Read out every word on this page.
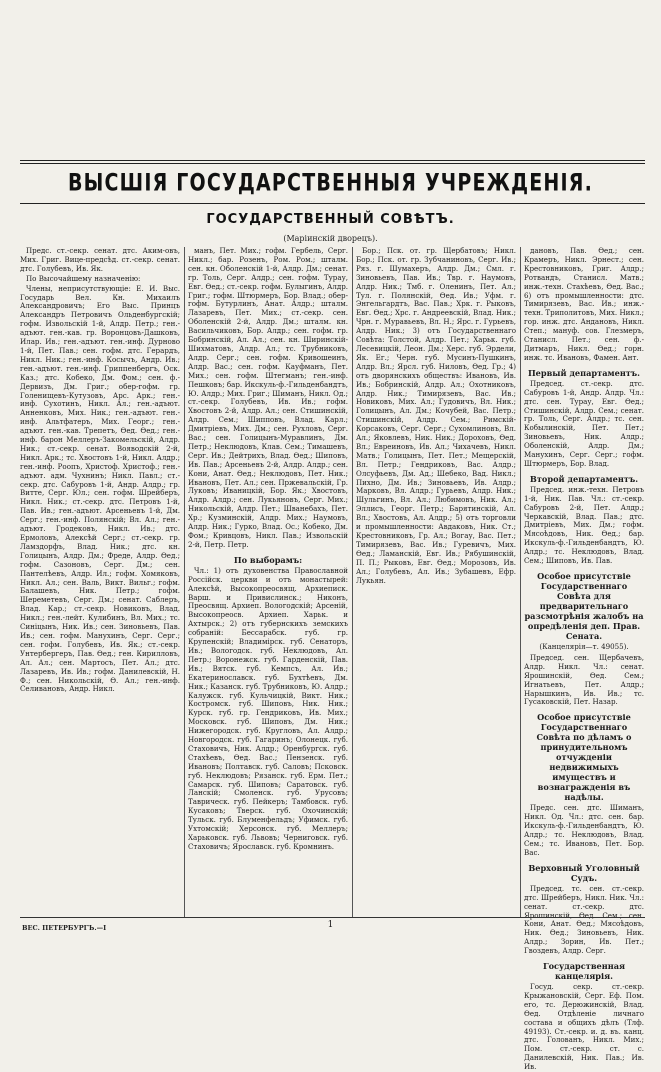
ВЫСШІЯ ГОСУДАРСТВЕННЫЯ УЧРЕЖДЕНІЯ.
ГОСУДАРСТВЕННЫЙ СОВѢТЪ.
(Маріинскій дворецъ).
Предс. ст.-секр. сенат. дтс. Аким-овъ, Мих. Григ. Вице-предсѣд. ст.-секр. сенат. дтс. Голубевъ, Ив. Як.
По Высочайшему назначенію:
Члены, неприсутствующіе: Е. И. Выс. Государь Вел. Кн. Михаилъ Александровичъ; Его Выс. Принцъ Александръ Петровичъ Ольденбургскій; гофм. Извольскій 1-й, Алдр. Петр.; ген.-адъют. ген.-кав. гр. Воронцовъ-Дашковъ, Илар. Ив.; ген.-адъют. ген.-инф. Дурново 1-й, Пет. Пав.; сен. гофм. дтс. Герардъ, Никл. Ник.; ген.-инф. Косычъ, Андр. Ив.; ген.-адъют. ген.-инф. Гриппенбергъ, Оск. Каз.; дтс. Кобеко, Дм. Фом.; сен. ф.-Дервизъ, Дм. Григ.; обер-гофм. гр. Голенищевъ-Кутузовъ, Арс. Арк.; ген.-инф. Сухотинъ, Никл. Ал.; ген.-адъют. Анненковъ, Мих. Ник.; ген.-адъют. ген.-инф. Альтфатеръ, Мих. Георг.; ген.-адъют. ген.-кав. Трепетъ, Ѳед. Ѳед.; ген.-инф. барон Меллеръ-Закомельскій, Алдр. Ник.; ст.-секр. сенат. Вояводскій 2-й, Никл. Арк.; тс. Хвостовъ 1-й, Никл. Алдр.; ген.-инф. Роопъ, Христоф. Христоф.; ген.-адъют. адм. Чухнинъ; Никл. Павл.; ст.-секр. дтс. Сабуровъ 1-й, Андр. Алдр.; гр. Витте, Серг. Юл.; сен. гофм. Шрейберъ, Никл. Ник.; ст.-секр. дтс. Петровъ 1-й, Пав. Ив.; ген.-адъют. Арсеньевъ 1-й, Дм. Серг.; ген.-инф. Полянскій; Вл. Ал.; ген.-адъют. Гродековъ, Никл. Ив.; дтс. Ермоловъ, Алексѣй Серг.; ст.-секр. гр. Ламздорфъ, Влад. Ник.; дтс. кн. Голицынъ, Алдр. Дм.; Фреде, Алдр. Ѳед.; гофм. Сазоновъ, Серг. Дм.; сен. Пантелѣевъ, Алдр. Ил.; гофм. Хомяковъ, Никл. Ал.; сен. Валь, Викт. Вильг.; гофм. Балашевъ, Ник. Петр.; гофм. Шереметевъ, Серг. Дм.; сенат. Саблеръ, Влад. Кар.; ст.-секр. Новиковъ, Влад. Никл.; ген.-лейт. Кулибинъ, Вл. Мих.; тс. Синіцынъ, Ник. Ив.; сен. Зиновьевъ, Пав. Ив.; сен. гофм. Манухинъ, Серг. Серг.; сен. гофм. Голубевъ, Ив. Як.; ст.-секр. Унтербергеръ, Пав. Ѳед.; ген. Кирилловъ, Ал. Ал.; сен. Мартосъ, Пет. Ал.; дтс. Лазаревъ, Ив. Ив.; гофм. Данилевскій, Н. Ф.; сен. Никольскій, Ѳ. Ал.; ген.-инф. Селивановъ, Андр. Никл.
манъ, Пет. Мих.; гофм. Гербель, Серг. Никл.; бар. Розенъ, Ром. Ром.; шталм. сен. кн. Оболенскій 1-й, Алдр. Дм.; сенат. гр. Толь, Серг. Алдр.; сен. гофм. Турау, Евг. Ѳед.; ст.-секр. гофм. Булыгинъ, Алдр. Григ.; гофм. Штюрмеръ, Бор. Влад.; обер-гофм. Бутурлинъ, Анат. Алдр.; шталм. Лазаревъ, Пет. Мих.; ст.-секр. сен. Оболенскій 2-й, Алдр. Дм.; шталм. кн. Васильчиковъ, Бор. Алдр.; сен. гофм. гр. Бобринскій, Ал. Ал.; сен. кн. Ширинскій-Шихматовъ, Алдр. Ал.; тс. Трубниковъ, Алдр. Серг.; сен. гофм. Кривошеинъ, Алдр. Вас.; сен. гофм. Кауфманъ, Пет. Мих.; сен. гофм. Штегманъ; ген.-инф. Пешковъ; бар. Икскуль-ф.-Гильденбандтъ, Ю. Алдр.; Мих. Григ.; Шиманъ, Никл. Од.; ст.-секр. Голубевъ, Ив. Ив.; гофм. Хвостовъ 2-й, Алдр. Ал.; сен. Стишинскій, Алдр. Сем.; Шипповъ, Влад. Карл.; Дмитріевъ, Мих. Дм.; сен. Рухловъ, Серг. Вас.; сен. Голицынъ-Муравлинъ, Дм. Петр.; Неклюдовъ, Клав. Сем.; Тимашевъ, Серг. Ив.; Дейтрихъ, Влад. Ѳед.; Шиповъ, Ив. Пав.; Арсеньевъ 2-й, Алдр. Алдр.; сен. Кони, Анат. Ѳед.; Неклюдовъ, Пет. Ник.; Ивановъ, Пет. Ал.; сен. Пржевальскій, Гр. Луковъ; Иваницкій, Бор. Як.; Хвостовъ, Алдр. Алдр.; сен. Лукьяновъ, Серг. Мих.; Никольскій, Алдр. Пет.; Шванебахъ, Пет. Хр.; Кузминскій, Алдр. Мих.; Наумовъ, Алдр. Ник.; Гурко, Влад. Ос.; Кобеко, Дм. Фом.; Кривцовъ, Никл. Пав.; Извольскій 2-й, Петр. Петр.
По выборамъ:
Чл.: 1) отъ духовенства Православной Россійск. церкви и отъ монастырей: Алексѣй, Высокопреосвящ. Архиеписк. Варш. и Привислинск.; Никонъ, Преосвящ. Архиеп. Вологодскій; Арсеній, Высокопреосв. Архиеп. Харьк. и Ахтырск.; 2) отъ губернскихъ земскихъ собраній: Бессарабск. губ. гр. Крупенскій; Владимірск. губ. Сенаторъ, Ив.; Вологодск. губ. Неклюдовъ, Ал. Петр.; Воронежск. губ. Гарденскій, Пав. Ив.; Вятск. губ. Кемпсъ, Ал. Ив.; Екатеринославск. губ. Бухтѣевъ, Дм. Ник.; Казанск. губ. Трубниковъ, Ю. Алдр.; Калужск. губ. Кульчицкій, Викт. Ник.; Костромск. губ. Шиповъ, Ник. Ник.; Курск. губ. гр. Гендриковъ, Ив. Мих.; Московск. губ. Шиповъ, Дм. Ник.; Нижегородск. губ. Кругловъ, Ал. Алдр.; Новгородск. губ. Гагаринъ; Олонецк. губ. Стаховичъ, Ник. Алдр.; Оренбургск. губ. Стахѣевъ, Ѳед. Вас.; Пензенск. губ. Ивановъ; Полтавск. губ. Саловъ; Псковск. губ. Неклюдовъ; Рязанск. губ. Ерм. Пет.; Самарск. губ. Шиповъ; Саратовск. губ. Ланскій; Смоленск. губ. Урусовъ; Таврическ. губ. Пейкеръ; Тамбовск. губ. Кусаковъ; Тверск. губ. Охочинскій; Тульск. губ. Блуменфельдъ; Уфимск. губ. Ухтомскій; Херсонск. губ. Меллеръ; Харьковск. губ. Львовъ; Черниговск. губ. Стаховичъ; Ярославск. губ. Кромнинъ.
Бор.; Пск. от. гр. Щербатовъ; Никл. Бор.; Пск. от. гр. Зубчаниновъ, Серг. Ив.; Ряз. г. Шумахеръ, Алдр. Дм.; Смл. г. Зиновьевъ, Пав. Ив.; Твр. г. Наумовъ, Алдр. Ник.; Тмб. г. Оленинъ, Пет. Ал.; Тул. г. Полянскій, Ѳед. Ив.; Уфм. г. Энгельгардтъ, Вас. Пав.; Хрк. г. Рыковъ, Евг. Ѳед.; Хрс. г. Андреевскій, Влад. Ник.; Чрн. г. Муравьевъ, Вл. Н.; Ярс. г. Гурьевъ, Алдр. Ник.; 3) отъ Государственнаго Совѣта: Толстой, Алдр. Пет.; Харьк. губ. Лесевицкій, Леон. Дм.; Херс. губ. Эрдели, Як. Ег.; Черн. губ. Мусинъ-Пушкинъ, Алдр. Вл.; Ярсл. губ. Ниловъ, Ѳед. Гр.; 4) отъ дворянскихъ обществъ: Ивановъ, Ив. Ив.; Бобринскій, Алдр. Ал.; Охотниковъ, Алдр. Ник.; Тимирязевъ, Вас. Ив.; Новиковъ, Мих. Ал.; Гудовичъ, Вл. Ник.; Голицынъ, Ал. Дм.; Кочубей, Вас. Петр.; Стишинскій, Алдр. Сем.; Римскій-Корсаковъ, Серг. Серг.; Сухомлиновъ, Вл. Ал.; Яковлевъ, Ник. Ник.; Дороховъ, Ѳед. Вл.; Евреиновъ, Ив. Ал.; Чихачевъ, Никл. Матв.; Голицынъ, Пет. Пет.; Мещерскій, Вл. Петр.; Гендриковъ, Вас. Алдр.; Олсуфьевъ, Дм. Ад.; Шебеко, Вад. Никл.; Пихно, Дм. Ив.; Зиновьевъ, Ив. Алдр.; Марковъ, Вл. Алдр.; Гурьевъ, Алдр. Ник.; Шульгинъ, Вл. Ал.; Любимовъ, Ник. Ал.; Эллисъ, Георг. Петр.; Барятинскій, Ал. Вл.; Хвостовъ, Ал. Алдр.; 5) отъ торговли и промышленности: Авдаковъ, Ник. Ст.; Крестовниковъ, Гр. Ал.; Вогау, Вас. Пет.; Тимирязевъ, Вас. Ив.; Гуревичъ, Мих. Ѳед.; Ламанскій, Евг. Ив.; Рябушинскій, П. П.; Рыковъ, Евг. Ѳед.; Морозовъ, Ив. Ал.; Голубевъ, Ал. Ив.; Зубашевъ, Ефр. Лукьян.
дановъ, Пав. Ѳед.; сен. Крамеръ, Никл. Эрнест.; сен. Крестовниковъ, Григ. Алдр.; Ротвандъ, Станисл. Матв.; инж.-техн. Стахѣевъ, Ѳед. Вас.; 6) отъ промышленности: дтс. Тимирязевъ, Вас. Ив.; инж.-техн. Триполитовъ, Мих. Никл.; гор. инж. дтс. Андановъ, Никл. Степ.; мануф. сов. Глезмеръ, Станисл. Пет.; сен. ф.-Дитмаръ, Никл. Ѳед.; горн. инж. тс. Ивановъ, Фамен. Ант.
Первый департаментъ.
Председ. ст.-секр. дтс. Сабуровъ 1-й, Андр. Алдр. Чл.: дтс. сен. Турау, Евг. Ѳед.; Стишинскій, Алдр. Сем.; сенат. гр. Толь, Серг. Алдр.; тс. сен. Кобылинскій, Пет. Пет.; Зиновьевъ, Ник. Алдр.; Оболенскій, Алдр. Дм.; Манухинъ, Серг. Серг.; гофм. Штюрмеръ, Бор. Влад.
Второй департаментъ.
Председ. инж.-техн. Петровъ 1-й, Ник. Пав. Чл.: ст.-секр. Сабуровъ 2-й, Пет. Алдр.; Черкавскій, Влад. Пав.; дтс. Дмитріевъ, Мих. Дм.; гофм. Мясоѣдовъ, Ник. Ѳед.; бар. Икскуль-ф.-Гильденбандтъ, Ю. Алдр.; тс. Неклюдовъ, Влад. Сем.; Шиповъ, Ив. Пав.
Особое присутствіе Государственнаго Совѣта для предварительнаго разсмотрѣнія жалобъ на опредѣленія деп. Прав. Сената.
(Канцелярія—т. 49055).
Председ. сен. Щербачевъ, Алдр. Никл. Чл.: сенат. Ярошинскій, Ѳед. Сем.; Игнатьевъ, Пет. Алдр.; Нарышкинъ, Ив. Ив.; тс. Гусаковскій, Пет. Назар.
Особое присутствіе Государственнаго Совѣта по дѣламъ о принудительномъ отчужденіи недвижимыхъ имуществъ и вознагражденія въ надѣлы.
Предс. сен. дтс. Шиманъ, Никл. Од. Чл.: дтс. сен. бар. Икскуль-ф.-Гильденбандтъ, Ю. Алдр.; тс. Неклюдовъ, Влад. Сем.; тс. Ивановъ, Пет. Бор. Вас.
Верховный Уголовный Судъ.
Председ. тс. сен. ст.-секр. дтс. Шрейберъ, Никл. Ник. Чл.: сенат. ст.-секр. дтс. Ярошинскій, Ѳед. Сем.; сен. Кони, Анат. Ѳед.; Мясоѣдовъ, Ник. Ѳед.; Зиновьевъ, Ник. Алдр.; Зорин, Ив. Пет.; Гвоздевъ, Алдр. Серг.
Государственная канцелярія.
Госуд. секр. ст.-секр. Крыжановскій, Серг. Еф. Пом. его, тс. Дерюжинскій, Влад. Ѳед. Отдѣленіе личнаго состава и общихъ дѣлъ (Тлф. 49193). Ст.-секр. и. д. въ. канц. дтс. Голованъ, Никл. Мих.; Пом. ст.-секр. ст. с. Данилевскій, Ник. Пав.; Ив. Ив.
ВЕС. ПЕТЕРБУРГЪ.—I	1
